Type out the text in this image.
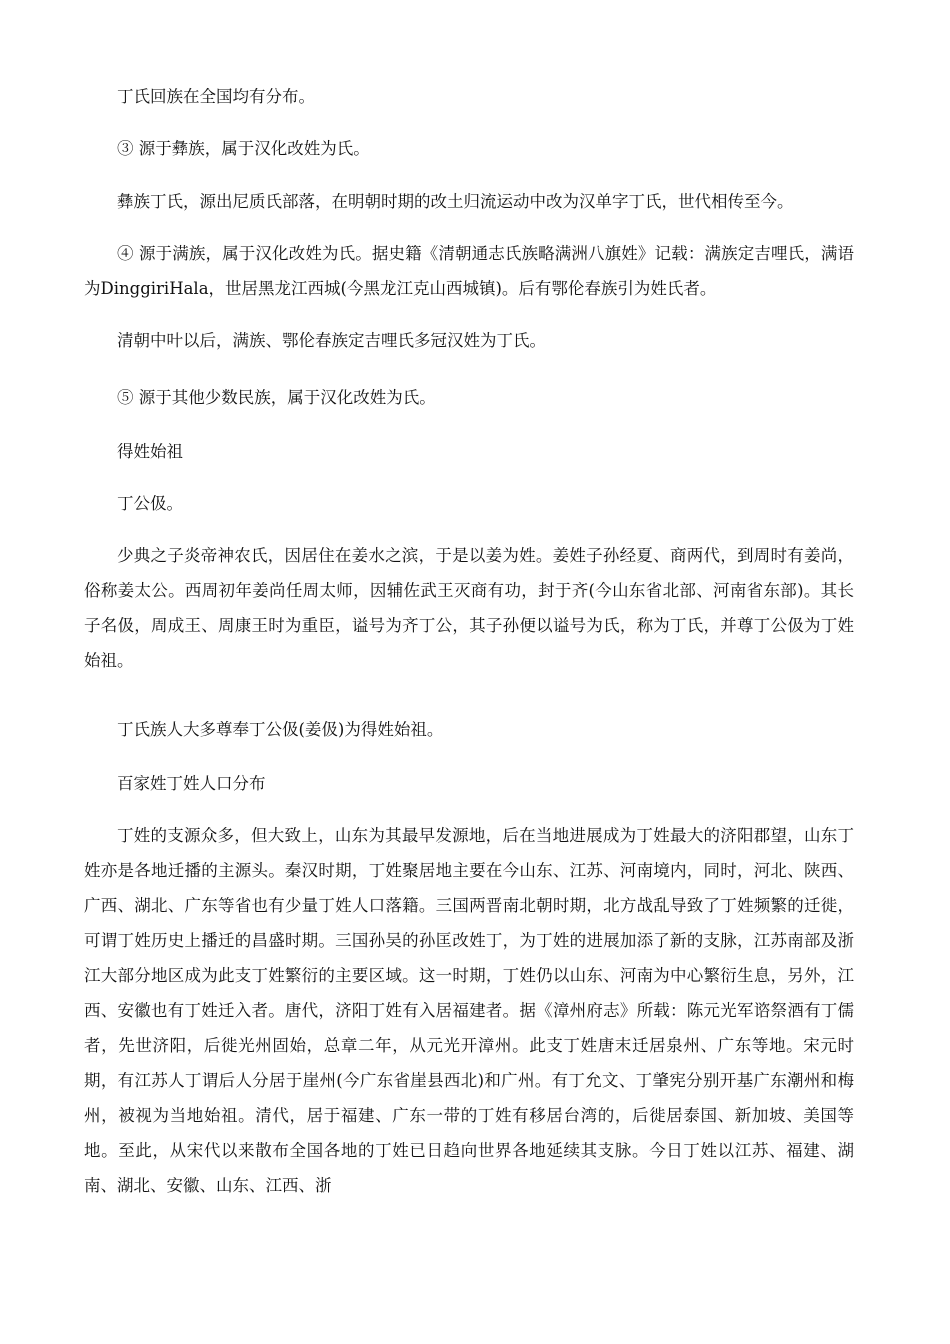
丁氏回族在全国均有分布。

③ 源于彝族，属于汉化改姓为氏。

彝族丁氏，源出尼质氏部落，在明朝时期的改土归流运动中改为汉单字丁氏，世代相传至今。

④ 源于满族，属于汉化改姓为氏。据史籍《清朝通志氏族略满洲八旗姓》记载：满族定吉哩氏，满语为DinggiriHala，世居黑龙江西城(今黑龙江克山西城镇)。后有鄂伦春族引为姓氏者。

清朝中叶以后，满族、鄂伦春族定吉哩氏多冠汉姓为丁氏。

⑤ 源于其他少数民族，属于汉化改姓为氏。

得姓始祖

丁公伋。

少典之子炎帝神农氏，因居住在姜水之滨，于是以姜为姓。姜姓子孙经夏、商两代，到周时有姜尚，俗称姜太公。西周初年姜尚任周太师，因辅佐武王灭商有功，封于齐(今山东省北部、河南省东部)。其长子名伋，周成王、周康王时为重臣，谥号为齐丁公，其子孙便以谥号为氏，称为丁氏，并尊丁公伋为丁姓始祖。

丁氏族人大多尊奉丁公伋(姜伋)为得姓始祖。

百家姓丁姓人口分布

丁姓的支源众多，但大致上，山东为其最早发源地，后在当地进展成为丁姓最大的济阳郡望，山东丁姓亦是各地迁播的主源头。秦汉时期，丁姓聚居地主要在今山东、江苏、河南境内，同时，河北、陕西、广西、湖北、广东等省也有少量丁姓人口落籍。三国两晋南北朝时期，北方战乱导致了丁姓频繁的迁徙，可谓丁姓历史上播迁的昌盛时期。三国孙吴的孙匡改姓丁，为丁姓的进展加添了新的支脉，江苏南部及浙江大部分地区成为此支丁姓繁衍的主要区域。这一时期，丁姓仍以山东、河南为中心繁衍生息，另外，江西、安徽也有丁姓迁入者。唐代，济阳丁姓有入居福建者。据《漳州府志》所载：陈元光军谘祭酒有丁儒者，先世济阳，后徙光州固始，总章二年，从元光开漳州。此支丁姓唐末迁居泉州、广东等地。宋元时期，有江苏人丁谓后人分居于崖州(今广东省崖县西北)和广州。有丁允文、丁肇宪分别开基广东潮州和梅州，被视为当地始祖。清代，居于福建、广东一带的丁姓有移居台湾的，后徙居泰国、新加坡、美国等地。至此，从宋代以来散布全国各地的丁姓已日趋向世界各地延续其支脉。今日丁姓以江苏、福建、湖南、湖北、安徽、山东、江西、浙
